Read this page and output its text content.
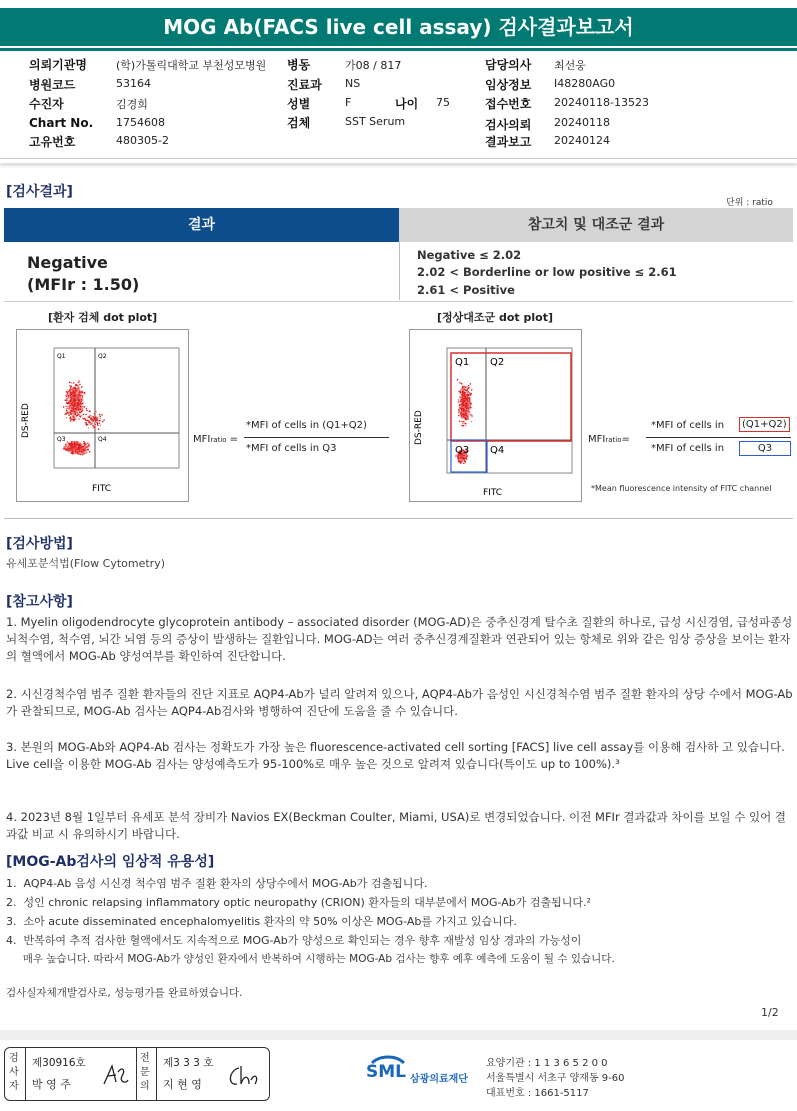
MOG Ab(FACS live cell assay) 검사결과보고서
의뢰기관명	(학)가톨릭대학교 부천성모병원 병동	가08 / 817	담당의사 최선웅
병원코드	53164	진료과 NS	임상정보 I48280AG0
수진자	김경희	성별	F	나이 75	접수번호 20240118-13523
Chart No. 1754608	검체	SST Serum	검사의뢰 20240118
고유번호	480305-2	결과보고 20240124
[검사결과]
단위 : ratio
결과	참고치 및 대조군 결과
Negative
(MFIr : 1.50)
Negative ≤ 2.02
2.02 < Borderline or low positive ≤ 2.61
2.61 < Positive
[환자 검체 dot plot]	[정상대조군 dot plot]
Q1	Q2
Q3	Q4
DS-RED
FITC
MFIratio =
*MFI of cells in (Q1+Q2)
*MFI of cells in Q3
Q1 Q2
Q3 Q4
DS-RED
FITC
MFIratio=
*MFI of cells in	(Q1+Q2)
*MFI of cells in	Q3
*Mean fluorescence intensity of FITC channel
[검사방법]
유세포분석법(Flow Cytometry)
[참고사항]
1. Myelin oligodendrocyte glycoprotein antibody – associated disorder (MOG-AD)은 중추신경계 탈수초 질환의 하나로, 급성 시신경염, 급성파종성 뇌척수염, 척수염, 뇌간 뇌염 등의 증상이 발생하는 질환입니다. MOG-AD는 여러 중추신경계질환과 연관되어 있는 항체로 위와 같은 임상 증상을 보이는 환자의 혈액에서 MOG-Ab 양성여부를 확인하여 진단합니다.
2. 시신경척수염 범주 질환 환자들의 진단 지표로 AQP4-Ab가 널리 알려져 있으나, AQP4-Ab가 음성인 시신경척수염 범주 질환 환자의 상당 수에서 MOG-Ab가 관찰되므로, MOG-Ab 검사는 AQP4-Ab검사와 병행하여 진단에 도움을 줄 수 있습니다.
3. 본원의 MOG-Ab와 AQP4-Ab 검사는 정확도가 가장 높은 fluorescence-activated cell sorting [FACS] live cell assay를 이용해 검사하 고 있습니다. Live cell을 이용한 MOG-Ab 검사는 양성예측도가 95-100%로 매우 높은 것으로 알려져 있습니다(특이도 up to 100%).³
4. 2023년 8월 1일부터 유세포 분석 장비가 Navios EX(Beckman Coulter, Miami, USA)로 변경되었습니다. 이전 MFIr 결과값과 차이를 보일 수 있어 결과값 비교 시 유의하시기 바랍니다.
[MOG-Ab검사의 임상적 유용성]
1.  AQP4-Ab 음성 시신경 척수염 범주 질환 환자의 상당수에서 MOG-Ab가 검출됩니다.
2.  성인 chronic relapsing inflammatory optic neuropathy (CRION) 환자들의 대부분에서 MOG-Ab가 검출됩니다.²
3.  소아 acute disseminated encephalomyelitis 환자의 약 50% 이상은 MOG-Ab를 가지고 있습니다.
4.  반복하여 추적 검사한 혈액에서도 지속적으로 MOG-Ab가 양성으로 확인되는 경우 향후 재발성 임상 경과의 가능성이
매우 높습니다. 따라서 MOG-Ab가 양성인 환자에서 반복하여 시행하는 MOG-Ab 검사는 향후 예후 예측에 도움이 될 수 있습니다.
검사실자체개발검사로, 성능평가를 완료하였습니다.
1/2
검사자
제30916호
박 영 주
전문의
제3 3 3 호
지 현 영
SML 삼광의료재단
요양기관 : 1 1 3 6 5 2 0 0
서울특별시 서초구 양재동 9-60
대표번호 : 1661-5117
